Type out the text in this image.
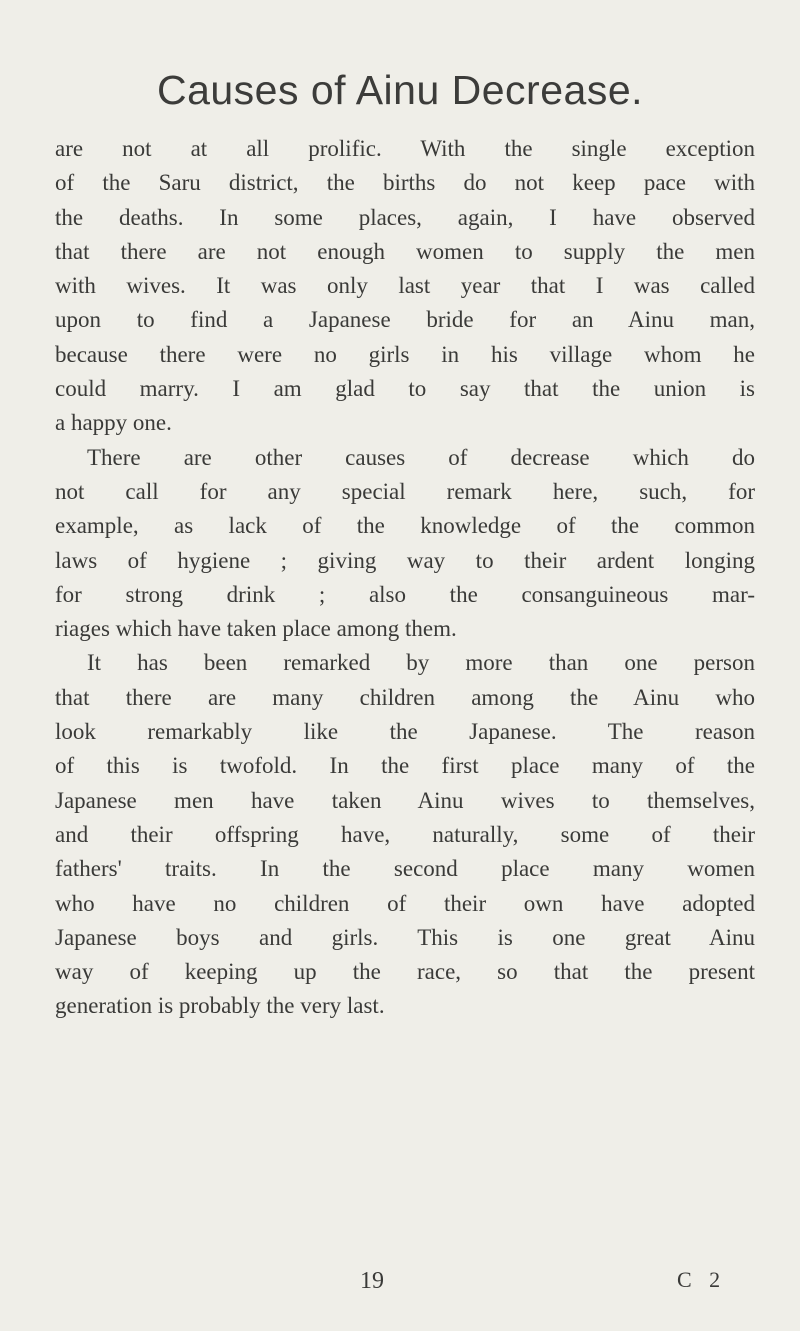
Causes of Ainu Decrease.
are not at all prolific. With the single exception
of the Saru district, the births do not keep pace with
the deaths. In some places, again, I have observed
that there are not enough women to supply the men
with wives. It was only last year that I was called
upon to find a Japanese bride for an Ainu man,
because there were no girls in his village whom he
could marry. I am glad to say that the union is
a happy one.
There are other causes of decrease which do
not call for any special remark here, such, for
example, as lack of the knowledge of the common
laws of hygiene ; giving way to their ardent longing
for strong drink ; also the consanguineous mar-
riages which have taken place among them.
It has been remarked by more than one person
that there are many children among the Ainu who
look remarkably like the Japanese. The reason
of this is twofold. In the first place many of the
Japanese men have taken Ainu wives to themselves,
and their offspring have, naturally, some of their
fathers' traits. In the second place many women
who have no children of their own have adopted
Japanese boys and girls. This is one great Ainu
way of keeping up the race, so that the present
generation is probably the very last.
19	C 2
